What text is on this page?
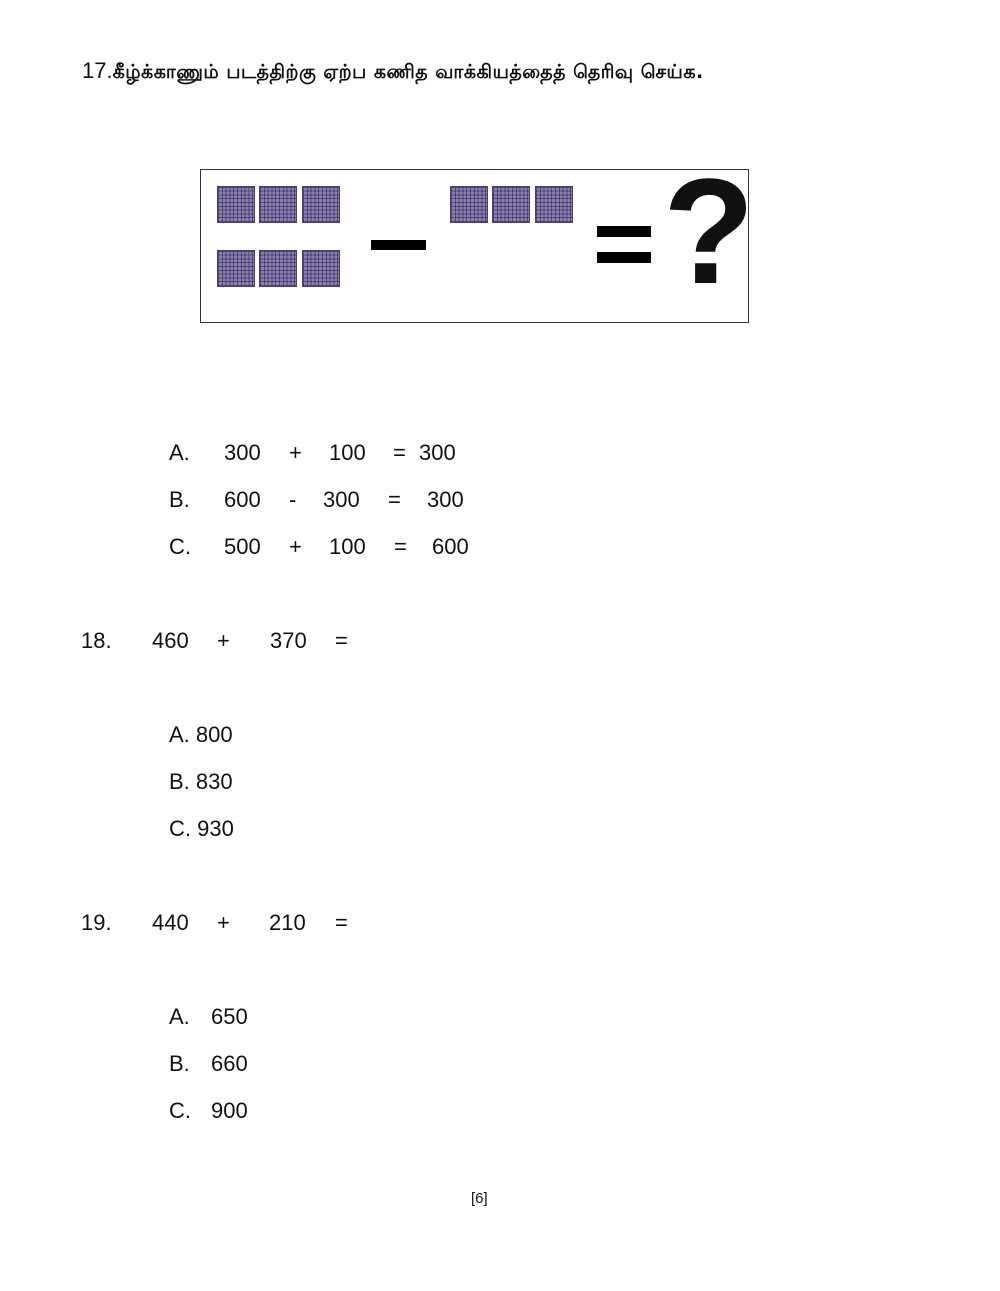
17.கீழ்க்காணும் படத்திற்கு ஏற்ப கணித வாக்கியத்தைத் தெரிவு செய்க.
?
A. 300 + 100 = 300
B. 600 - 300 = 300
C. 500 + 100 = 600
18. 460 + 370 =
A. 800
B. 830
C. 930
19. 440 + 210 =
A. 650
B. 660
C. 900
[6]
